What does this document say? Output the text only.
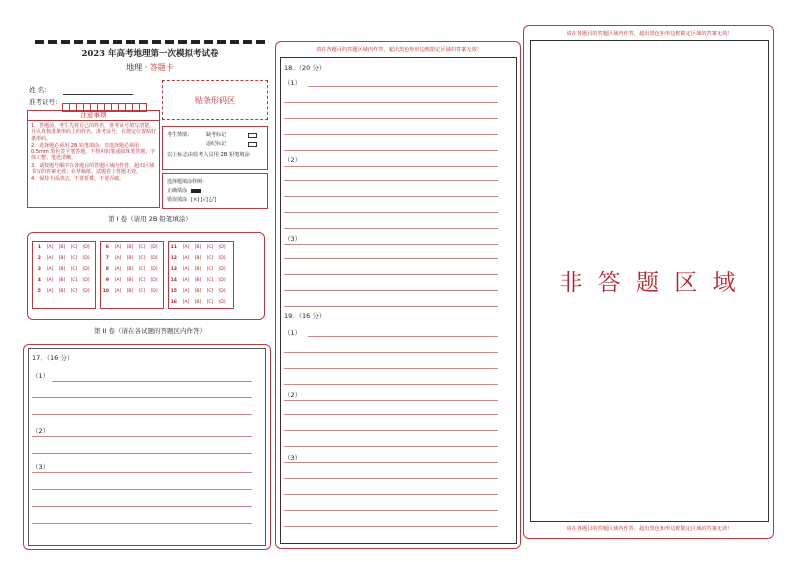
2023 年高考地理第一次模拟考试卷
地理 · 答题卡
姓 名：
准考证号：	贴条形码区
注意事项
1．答题前，考生先将自己的姓名，准考证号填写清楚，并认真核准条形码上的姓名、准考证号，在规定位置贴好条形码。
2．选择题必须用 2B 铅笔填涂；非选择题必须用 0.5mm 黑色签字笔答题，不得用铅笔或圆珠笔答题；字体工整、笔迹清晰。
3．请按题号顺序在各题目的答题区域内作答，超出区域书写的答案无效；在草稿纸、试题卷上答题无效。
4．保持卡面清洁，不要折叠、不要弄破。
考生禁填：	缺考标记
违纪标记
以上标志由监考人员用 2B 铅笔填涂
选择题填涂样例：
正确填涂
错误填涂 [×] [√] [╱]
第 I 卷（请用 2B 铅笔填涂）
1	[A]	[B]	[C]	[D]
2	[A]	[B]	[C]	[D]
3	[A]	[B]	[C]	[D]
4	[A]	[B]	[C]	[D]
5	[A]	[B]	[C]	[D]
6	[A]	[B]	[C]	[D]
7	[A]	[B]	[C]	[D]
8	[A]	[B]	[C]	[D]
9	[A]	[B]	[C]	[D]
10	[A]	[B]	[C]	[D]
11	[A]	[B]	[C]	[D]
12	[A]	[B]	[C]	[D]
13	[A]	[B]	[C]	[D]
14	[A]	[B]	[C]	[D]
15	[A]	[B]	[C]	[D]
16	[A]	[B]	[C]	[D]
第 II 卷（请在各试题的答题区内作答）
17．（16 分）
（1）
（2）
（3）
请在各题目的答题区域内作答，超出黑色矩形边框限定区域的答案无效！
18．（20 分）
（1）
（2）
（3）
19．（16 分）
（1）
（2）
（3）
请在各题目的答题区域内作答，超出黑色矩形边框限定区域的答案无效！
非 答 题 区 域
请在各题目的答题区域内作答，超出黑色矩形边框限定区域的答案无效！
